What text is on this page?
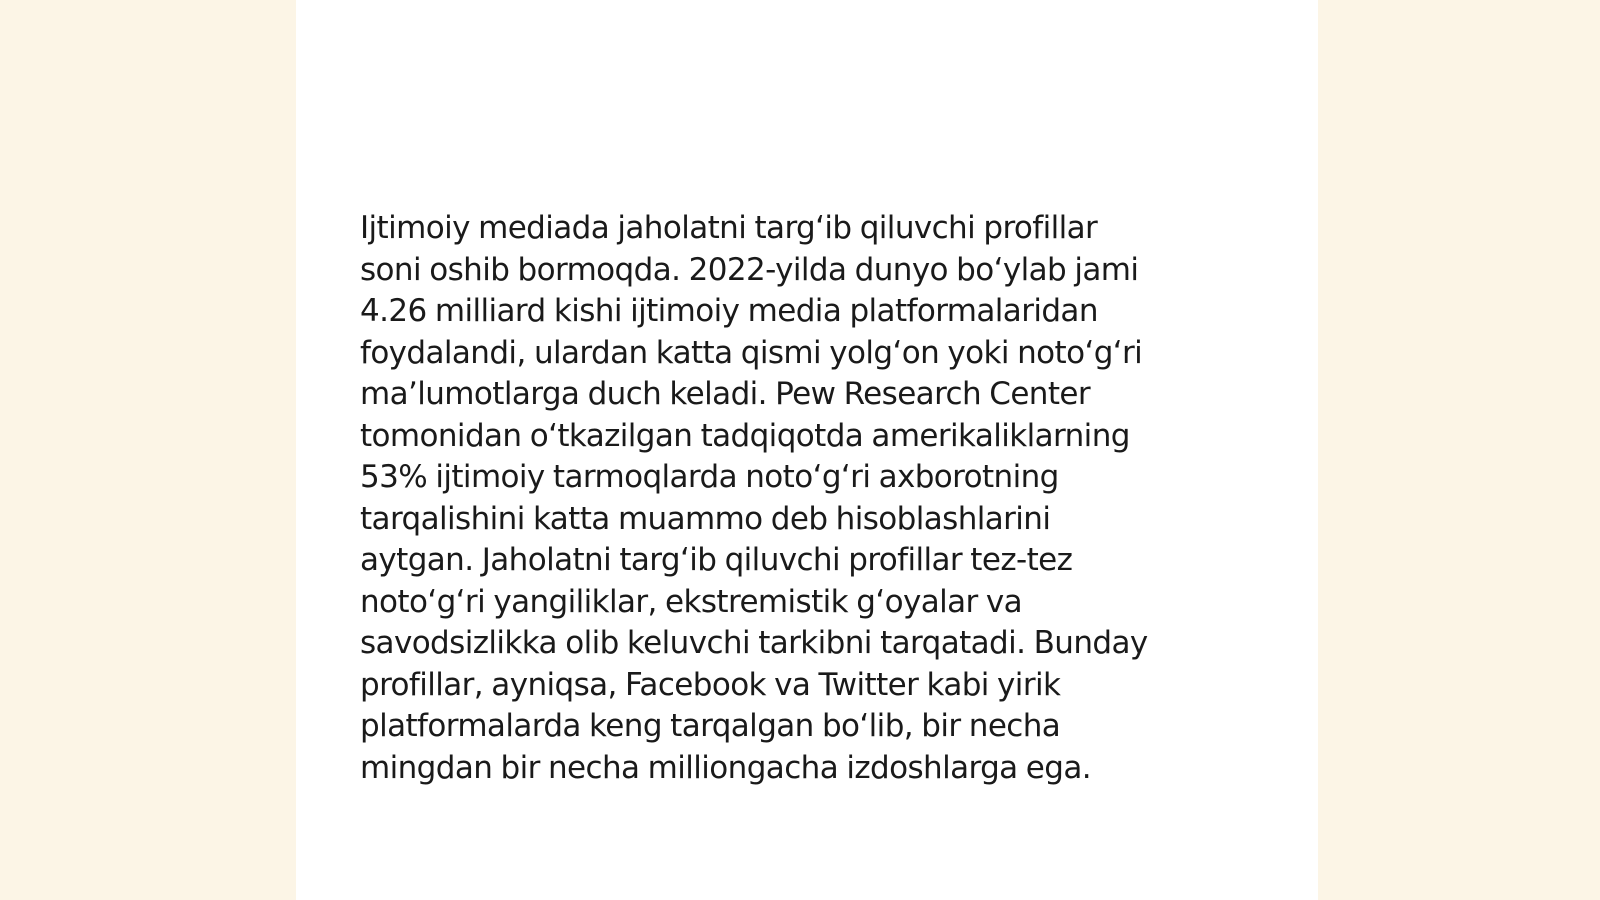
Ijtimoiy mediada jaholatni targʻib qiluvchi profillar
soni oshib bormoqda. 2022-yilda dunyo boʻylab jami
4.26 milliard kishi ijtimoiy media platformalaridan
foydalandi, ulardan katta qismi yolgʻon yoki notoʻgʻri
maʼlumotlarga duch keladi. Pew Research Center
tomonidan oʻtkazilgan tadqiqotda amerikaliklarning
53% ijtimoiy tarmoqlarda notoʻgʻri axborotning
tarqalishini katta muammo deb hisoblashlarini
aytgan. Jaholatni targʻib qiluvchi profillar tez-tez
notoʻgʻri yangiliklar, ekstremistik gʻoyalar va
savodsizlikka olib keluvchi tarkibni tarqatadi. Bunday
profillar, ayniqsa, Facebook va Twitter kabi yirik
platformalarda keng tarqalgan boʻlib, bir necha
mingdan bir necha milliongacha izdoshlarga ega.
